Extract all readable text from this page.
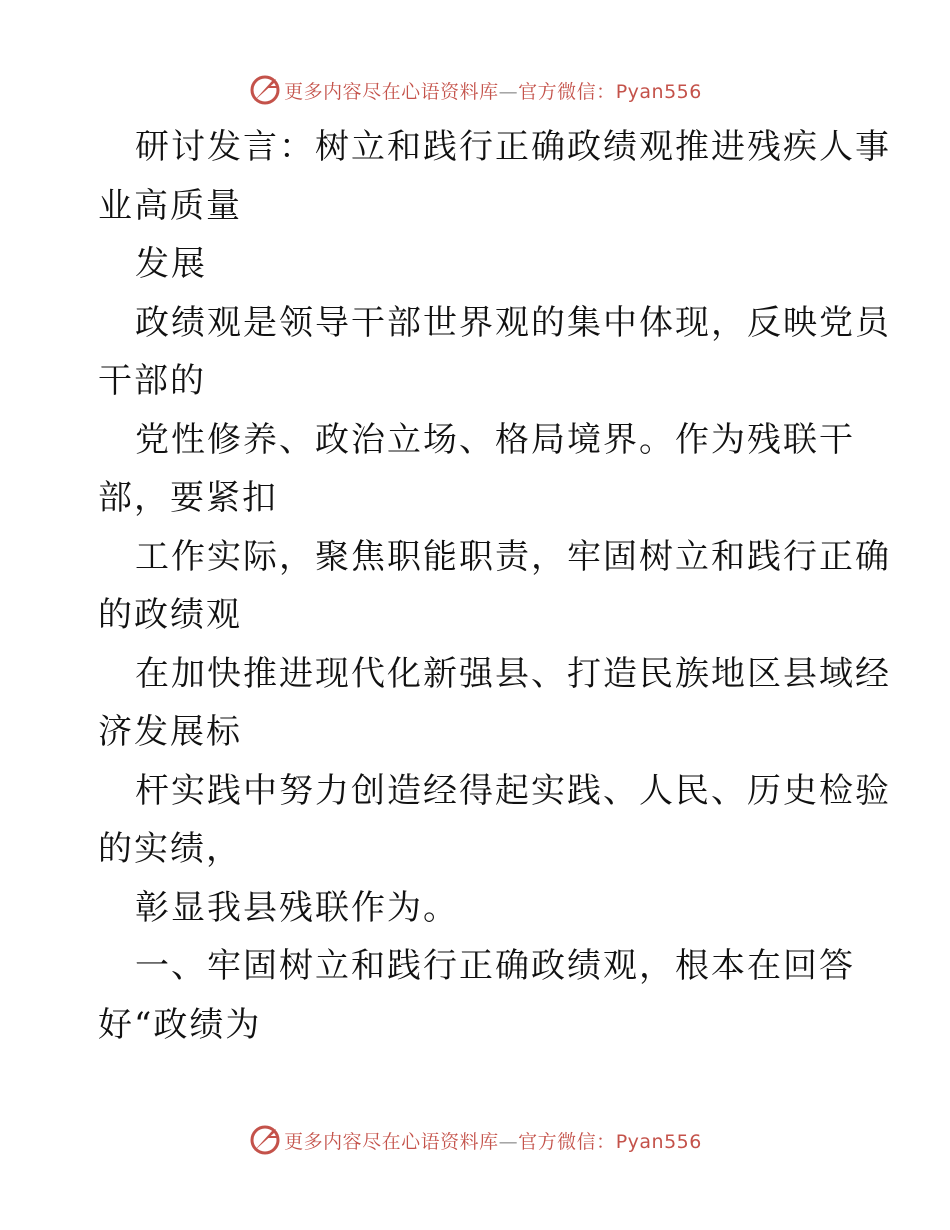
更多内容尽在心语资料库—官方微信：Pyan556
研讨发言：树立和践行正确政绩观推进残疾人事
业高质量
发展
政绩观是领导干部世界观的集中体现，反映党员
干部的
党性修养、政治立场、格局境界。作为残联干
部，要紧扣
工作实际，聚焦职能职责，牢固树立和践行正确
的政绩观
在加快推进现代化新强县、打造民族地区县域经
济发展标
杆实践中努力创造经得起实践、人民、历史检验
的实绩，
彰显我县残联作为。
一、牢固树立和践行正确政绩观，根本在回答
好“政绩为
更多内容尽在心语资料库—官方微信：Pyan556
